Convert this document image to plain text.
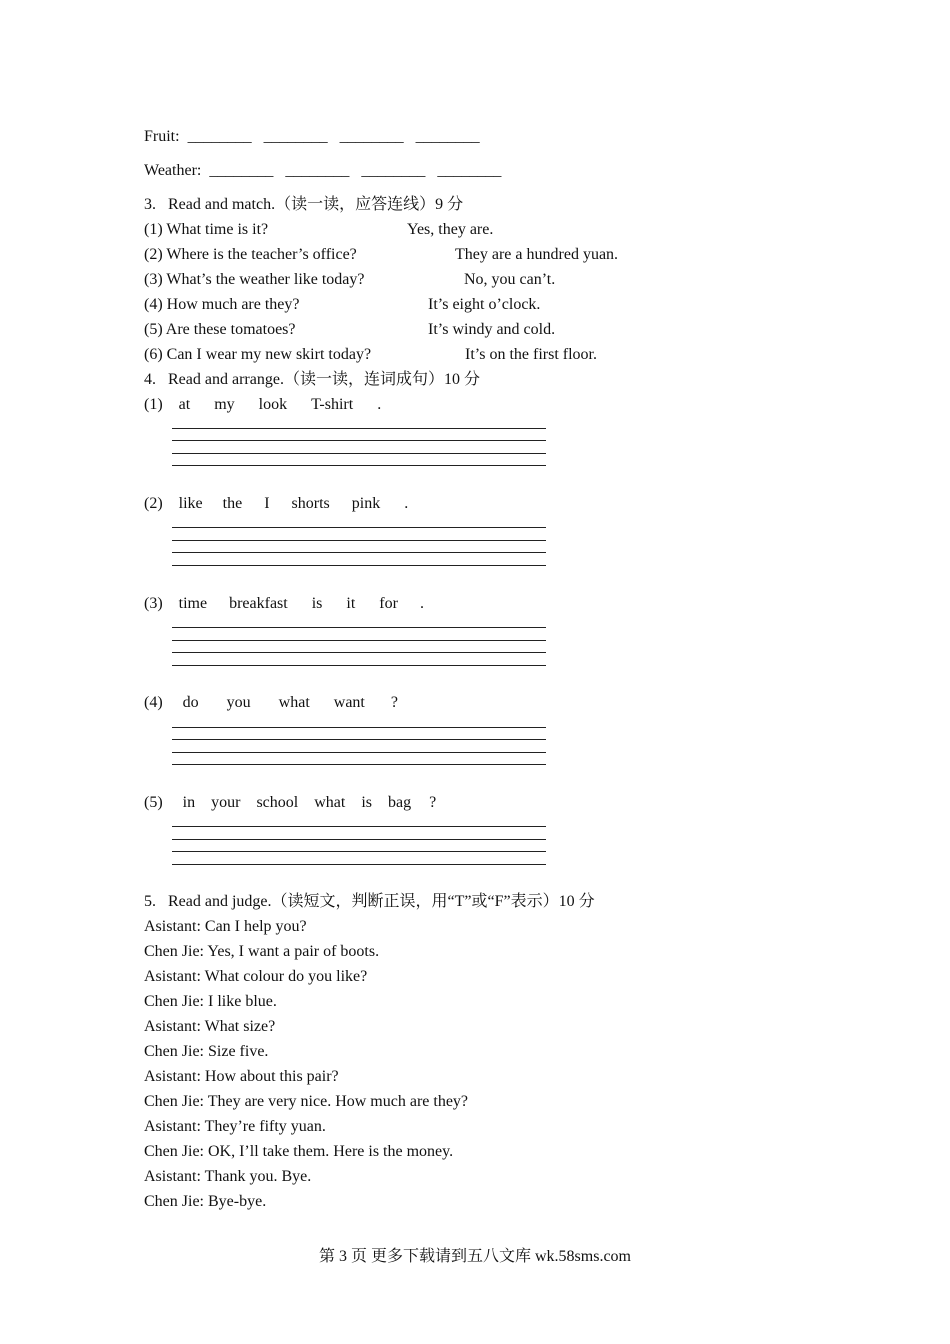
Fruit: ________ ________ ________ ________
Weather: ________ ________ ________ ________
3.   Read and match.（读一读，应答连线）9 分
(1) What time is it?
(2) Where is the teacher’s office?
(3) What’s the weather like today?
(4) How much are they?
(5) Are these tomatoes?
(6) Can I wear my new skirt today?
Yes, they are.
They are a hundred yuan.
No, you can’t.
It’s eight o’clock.
It’s windy and cold.
It’s on the first floor.
4.   Read and arrange.（读一读，连词成句）10 分
(1) at my look T-shirt .
(2) like the I shorts pink .
(3) time breakfast is it for .
(4) do you what want ?
(5) in your school what is bag ?
5.   Read and judge.（读短文，判断正误，用“T”或“F”表示）10 分
Asistant: Can I help you?
Chen Jie: Yes, I want a pair of boots.
Asistant: What colour do you like?
Chen Jie: I like blue.
Asistant: What size?
Chen Jie: Size five.
Asistant: How about this pair?
Chen Jie: They are very nice. How much are they?
Asistant: They’re fifty yuan.
Chen Jie: OK, I’ll take them. Here is the money.
Asistant: Thank you. Bye.
Chen Jie: Bye-bye.
第 3 页 更多下载请到五八文库 wk.58sms.com
